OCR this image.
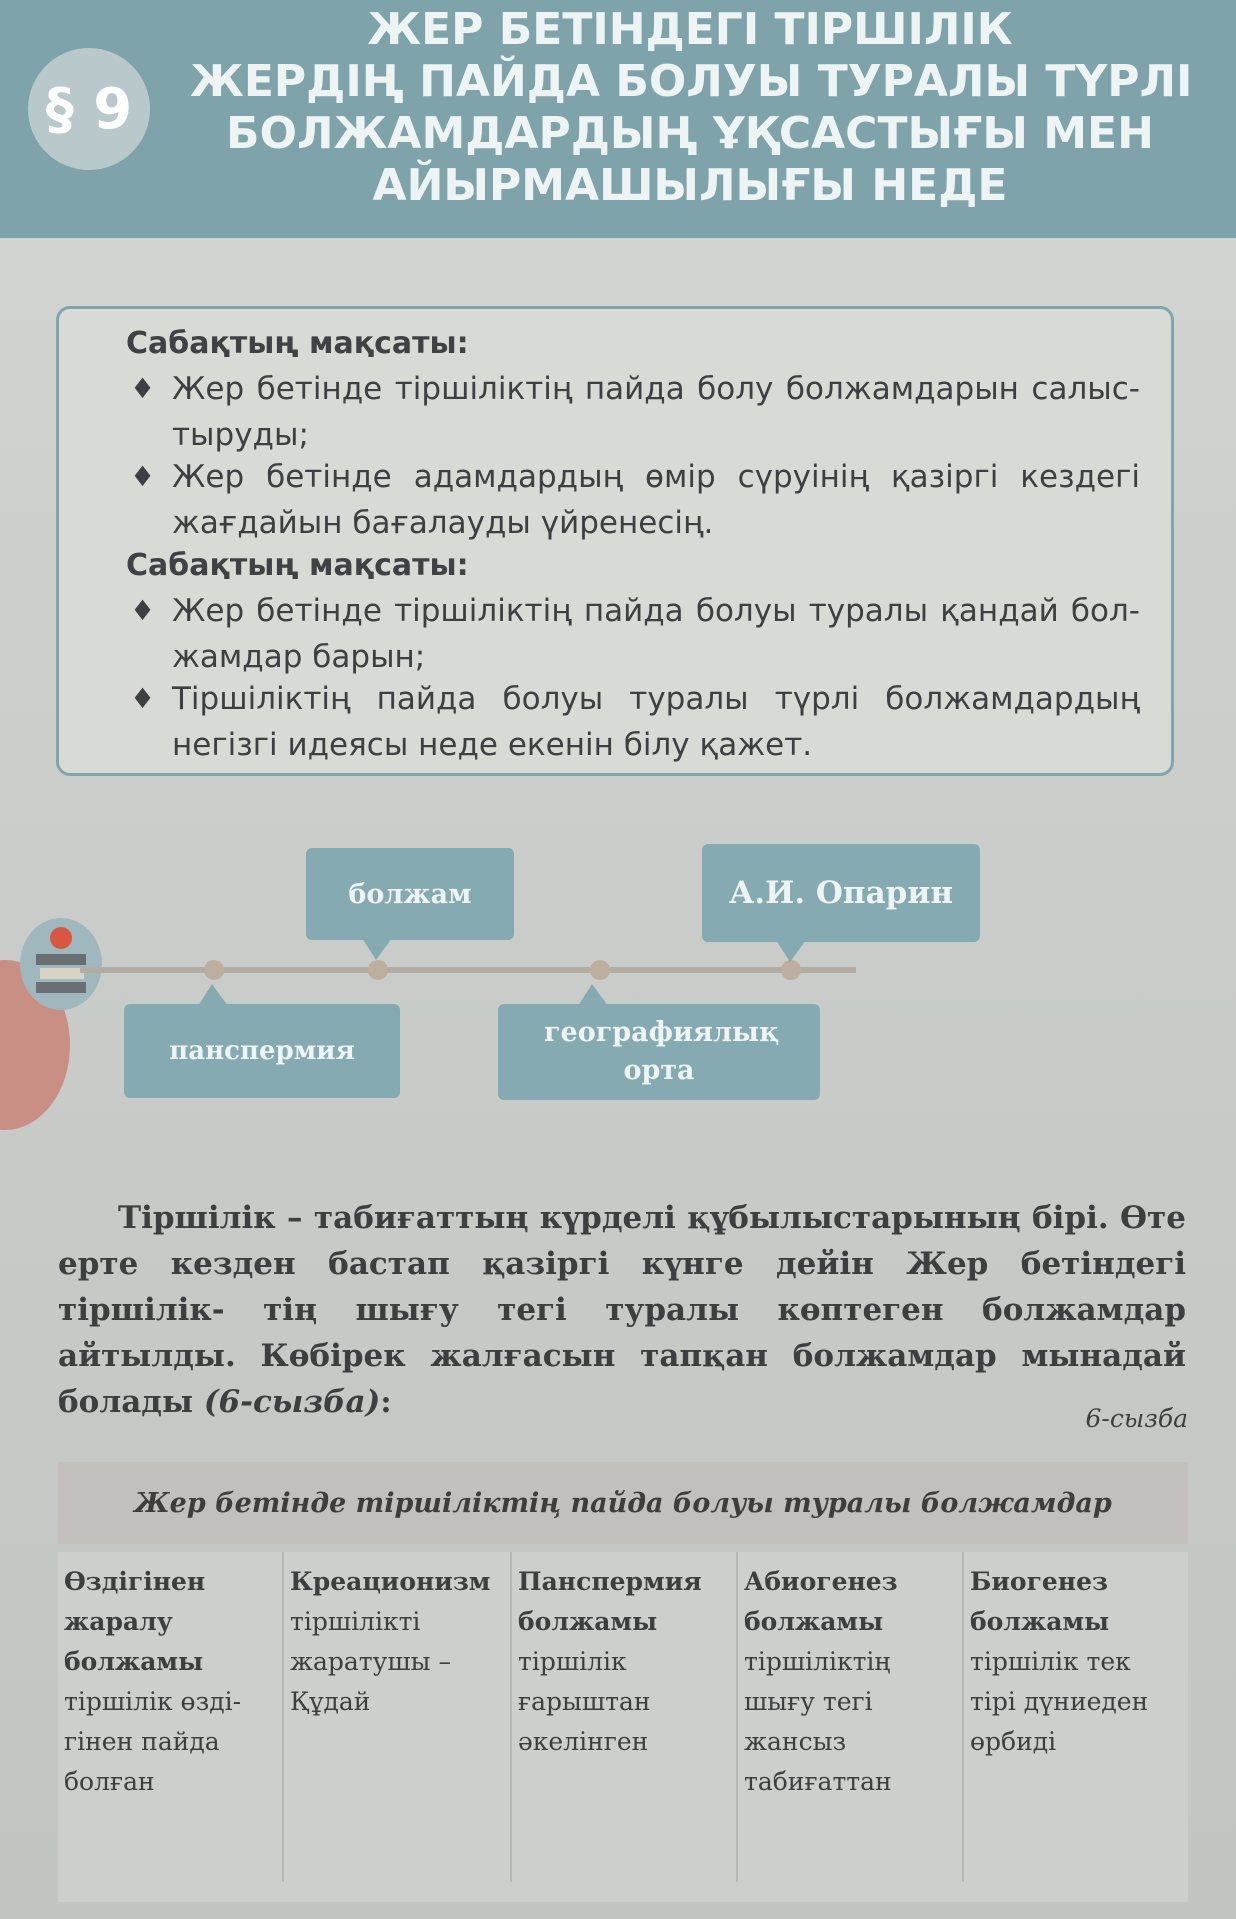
§ 9
ЖЕР БЕТІНДЕГІ ТІРШІЛІК
ЖЕРДІҢ ПАЙДА БОЛУЫ ТУРАЛЫ ТҮРЛІ
БОЛЖАМДАРДЫҢ ҰҚСАСТЫҒЫ МЕН
АЙЫРМАШЫЛЫҒЫ НЕДЕ
Сабақтың мақсаты:
♦ Жер бетінде тіршіліктің пайда болу болжамдарын салыс- тыруды;
♦ Жер бетінде адамдардың өмір сүруінің қазіргі кездегі жағдайын бағалауды үйренесің.
Сабақтың мақсаты:
♦ Жер бетінде тіршіліктің пайда болуы туралы қандай бол- жамдар барын;
♦ Тіршіліктің пайда болуы туралы түрлі болжамдардың негізгі идеясы неде екенін білу қажет.
болжам	А.И. Опарин
панспермия
географиялық орта
Тіршілік – табиғаттың күрделі құбылыстарының бірі. Өте ерте кезден бастап қазіргі күнге дейін Жер бетіндегі тіршілік- тің шығу тегі туралы көптеген болжамдар айтылды. Көбірек жалғасын тапқан болжамдар мынадай болады (6-сызба):	6-сызба
Жер бетінде тіршіліктің пайда болуы туралы болжамдар
Өздігінен жаралу болжамы
тіршілік өзді- гінен пайда болған
Креационизм
тіршілікті жаратушы – Құдай
Панспермия болжамы
тіршілік ғарыштан әкелінген
Абиогенез болжамы
тіршіліктің шығу тегі жансыз табиғаттан
Биогенез болжамы
тіршілік тек тірі дүниеден өрбиді
